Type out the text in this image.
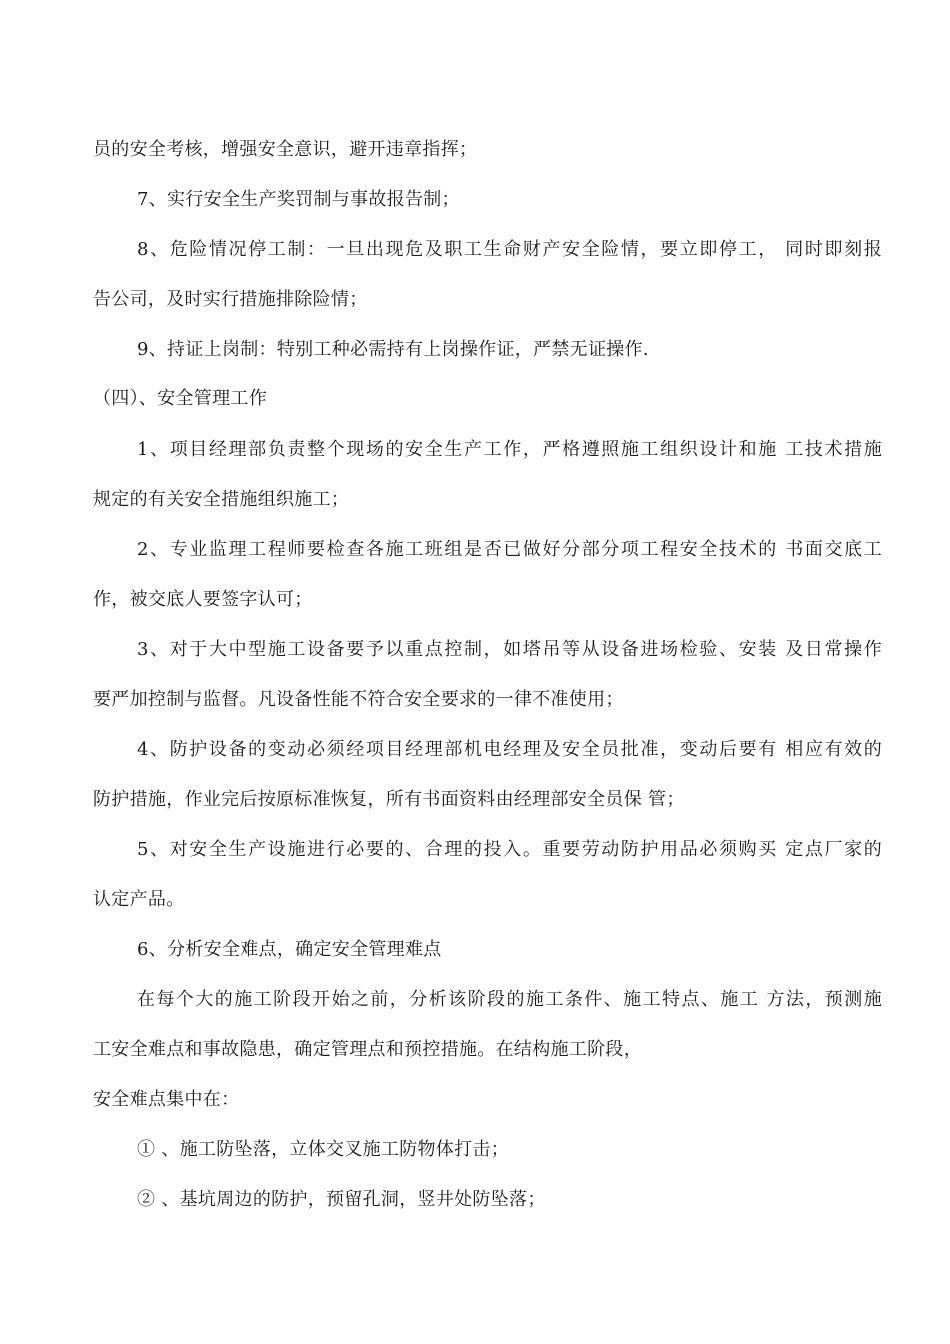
员的安全考核，增强安全意识，避开违章指挥；
7、实行安全生产奖罚制与事故报告制；
8、危险情况停工制：一旦出现危及职工生命财产安全险情，要立即停工， 同时即刻报
告公司，及时实行措施排除险情；
9、持证上岗制：特别工种必需持有上岗操作证，严禁无证操作.
（四）、安全管理工作
1、项目经理部负责整个现场的安全生产工作，严格遵照施工组织设计和施 工技术措施
规定的有关安全措施组织施工；
2、专业监理工程师要检查各施工班组是否已做好分部分项工程安全技术的 书面交底工
作，被交底人要签字认可；
3、对于大中型施工设备要予以重点控制，如塔吊等从设备进场检验、安装 及日常操作
要严加控制与监督。凡设备性能不符合安全要求的一律不准使用；
4、防护设备的变动必须经项目经理部机电经理及安全员批准，变动后要有 相应有效的
防护措施，作业完后按原标准恢复，所有书面资料由经理部安全员保 管；
5、对安全生产设施进行必要的、合理的投入。重要劳动防护用品必须购买 定点厂家的
认定产品。
6、分析安全难点，确定安全管理难点
在每个大的施工阶段开始之前，分析该阶段的施工条件、施工特点、施工 方法，预测施
工安全难点和事故隐患，确定管理点和预控措施。在结构施工阶段，
安全难点集中在：
① 、施工防坠落，立体交叉施工防物体打击；
② 、基坑周边的防护，预留孔洞，竖井处防坠落；
